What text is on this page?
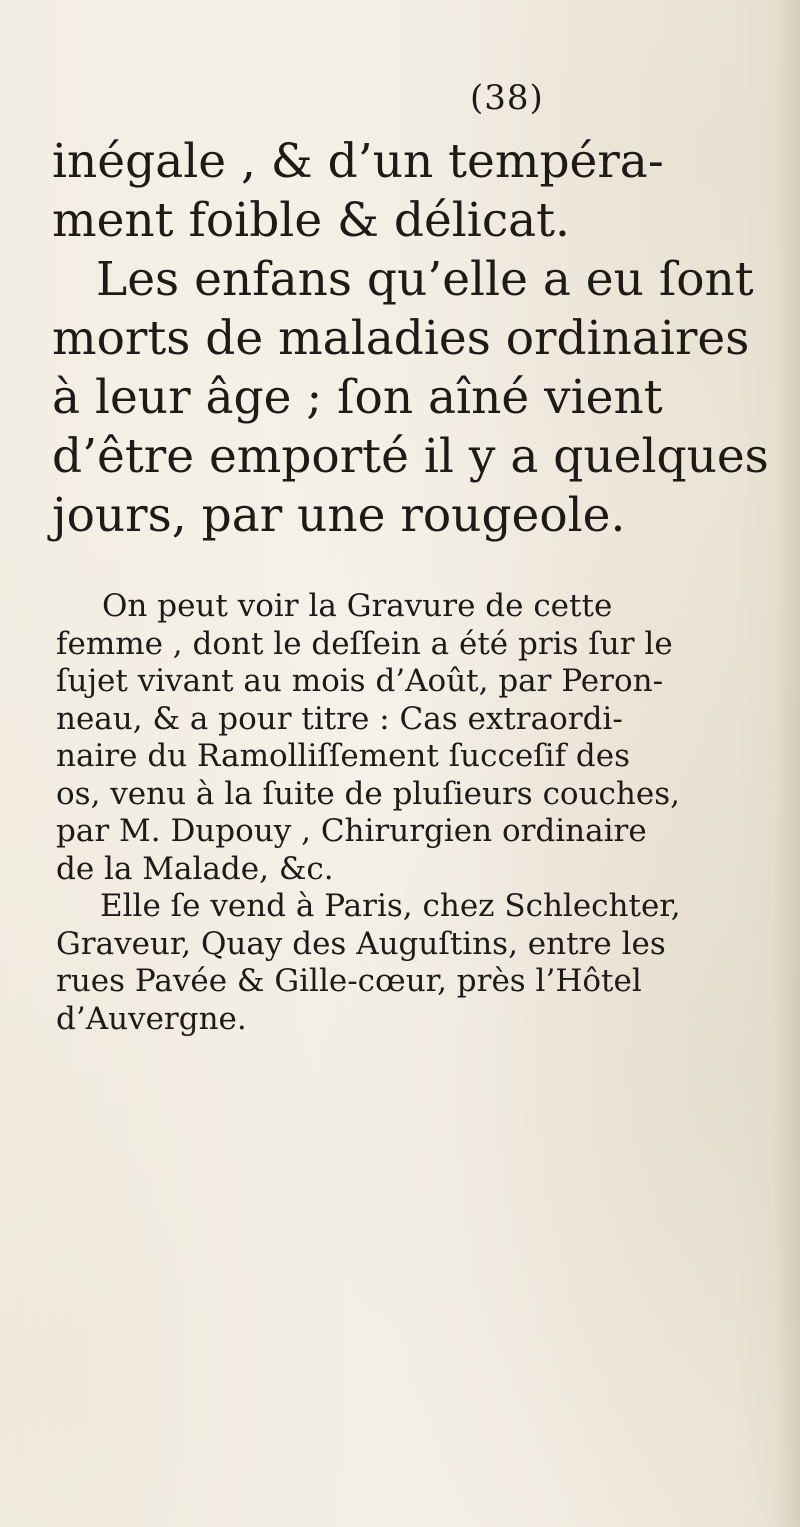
(38)
inégale , & d’un tempéra-
ment foible & délicat.
Les enfans qu’elle a eu ſont
morts de maladies ordinaires
à leur âge ; ſon aîné vient
d’être emporté il y a quelques
jours, par une rougeole.
On peut voir la Gravure de cette
femme , dont le deſſein a été pris ſur le
ſujet vivant au mois d’Août, par Peron-
neau, & a pour titre : Cas extraordi-
naire du Ramolliſſement ſucceſif des
os, venu à la ſuite de pluſieurs couches,
par M. Dupouy , Chirurgien ordinaire
de la Malade, &c.
Elle ſe vend à Paris, chez Schlechter,
Graveur, Quay des Auguſtins, entre les
rues Pavée & Gille-cœur, près l’Hôtel
d’Auvergne.
